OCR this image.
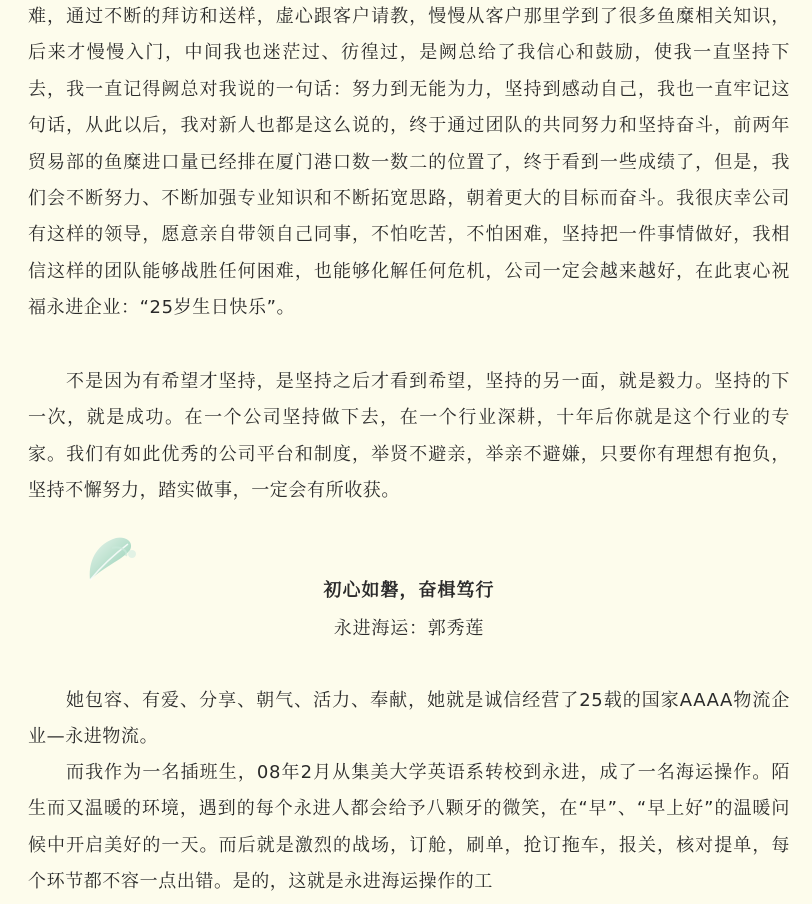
难，通过不断的拜访和送样，虚心跟客户请教，慢慢从客户那里学到了很多鱼糜相关知识，后来才慢慢入门，中间我也迷茫过、彷徨过，是阙总给了我信心和鼓励，使我一直坚持下去，我一直记得阙总对我说的一句话：努力到无能为力，坚持到感动自己，我也一直牢记这句话，从此以后，我对新人也都是这么说的，终于通过团队的共同努力和坚持奋斗，前两年贸易部的鱼糜进口量已经排在厦门港口数一数二的位置了，终于看到一些成绩了，但是，我们会不断努力、不断加强专业知识和不断拓宽思路，朝着更大的目标而奋斗。我很庆幸公司有这样的领导，愿意亲自带领自己同事，不怕吃苦，不怕困难，坚持把一件事情做好，我相信这样的团队能够战胜任何困难，也能够化解任何危机，公司一定会越来越好，在此衷心祝福永进企业：“25岁生日快乐”。

不是因为有希望才坚持，是坚持之后才看到希望，坚持的另一面，就是毅力。坚持的下一次，就是成功。在一个公司坚持做下去，在一个行业深耕，十年后你就是这个行业的专家。我们有如此优秀的公司平台和制度，举贤不避亲，举亲不避嫌，只要你有理想有抱负，坚持不懈努力，踏实做事，一定会有所收获。

初心如磐，奋楫笃行

永进海运：郭秀莲

她包容、有爱、分享、朝气、活力、奉献，她就是诚信经营了25载的国家AAAA物流企业—永进物流。

而我作为一名插班生，08年2月从集美大学英语系转校到永进，成了一名海运操作。陌生而又温暖的环境，遇到的每个永进人都会给予八颗牙的微笑，在“早”、“早上好”的温暖问候中开启美好的一天。而后就是激烈的战场，订舱，刷单，抢订拖车，报关，核对提单，每个环节都不容一点出错。是的，这就是永进海运操作的工
